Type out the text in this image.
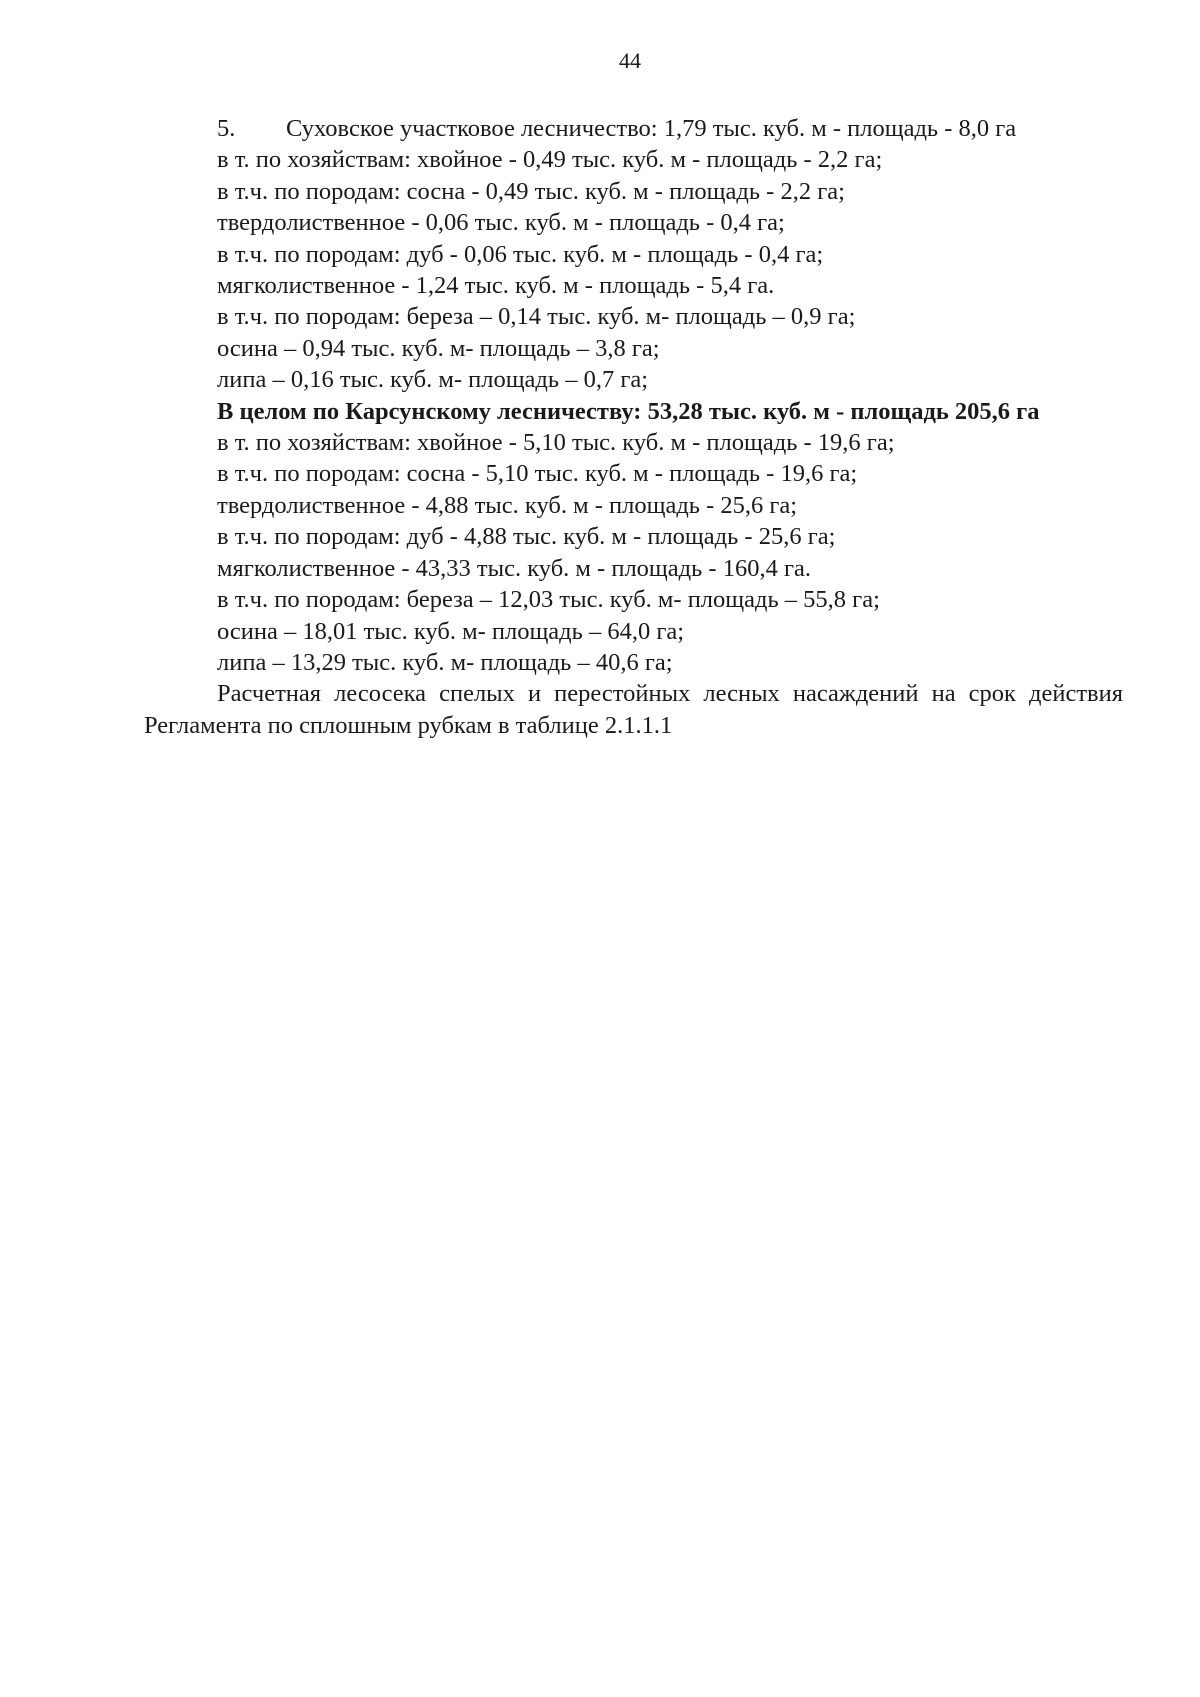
44
5. Суховское участковое лесничество: 1,79 тыс. куб. м - площадь - 8,0 га
в т. по хозяйствам: хвойное - 0,49 тыс. куб. м - площадь - 2,2 га;
в т.ч. по породам: сосна - 0,49 тыс. куб. м - площадь - 2,2 га;
твердолиственное - 0,06 тыс. куб. м - площадь - 0,4 га;
в т.ч. по породам: дуб - 0,06 тыс. куб. м - площадь - 0,4 га;
мягколиственное - 1,24 тыс. куб. м - площадь - 5,4 га.
в т.ч. по породам: береза – 0,14 тыс. куб. м- площадь – 0,9 га;
осина – 0,94 тыс. куб. м- площадь – 3,8 га;
липа – 0,16 тыс. куб. м- площадь – 0,7 га;
В целом по Карсунскому лесничеству: 53,28 тыс. куб. м - площадь 205,6 га
в т. по хозяйствам: хвойное - 5,10 тыс. куб. м - площадь - 19,6 га;
в т.ч. по породам: сосна - 5,10 тыс. куб. м - площадь - 19,6 га;
твердолиственное - 4,88 тыс. куб. м - площадь - 25,6 га;
в т.ч. по породам: дуб - 4,88 тыс. куб. м - площадь - 25,6 га;
мягколиственное - 43,33 тыс. куб. м - площадь - 160,4 га.
в т.ч. по породам: береза – 12,03 тыс. куб. м- площадь – 55,8 га;
осина – 18,01 тыс. куб. м- площадь – 64,0 га;
липа – 13,29 тыс. куб. м- площадь – 40,6 га;
Расчетная лесосека спелых и перестойных лесных насаждений на срок действия Регламента по сплошным рубкам в таблице 2.1.1.1
